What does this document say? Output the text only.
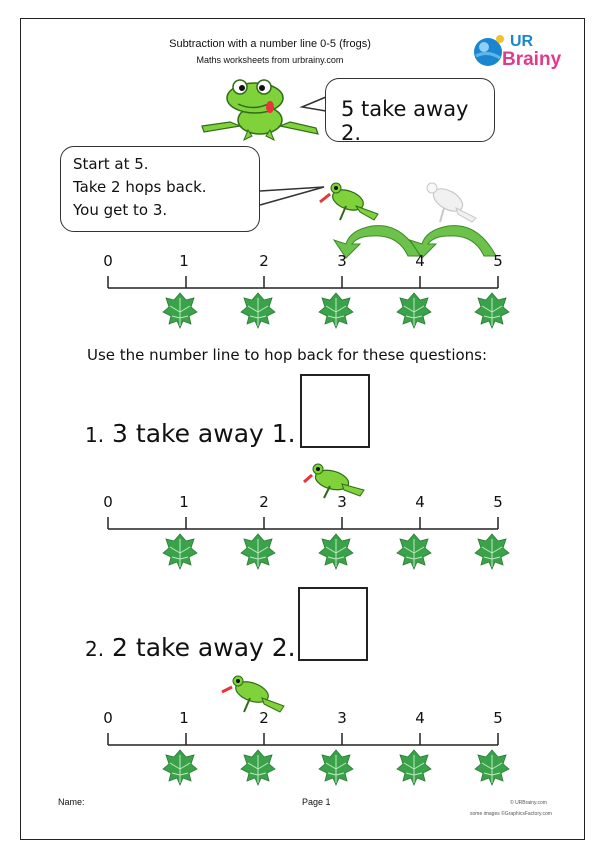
Subtraction with a number line 0-5 (frogs)
Maths worksheets from urbrainy.com
UR
Brainy
5 take away 2.
Start at 5.
Take 2 hops back.
You get to 3.
0	1	2	3	4	5
Use the number line to hop back for these questions:
1. 3 take away 1.
0	1	2	3	4	5
2. 2 take away 2.
0	1	2	3	4	5
Name:	Page 1	© URBrainy.com
some images ©GraphicsFactory.com
